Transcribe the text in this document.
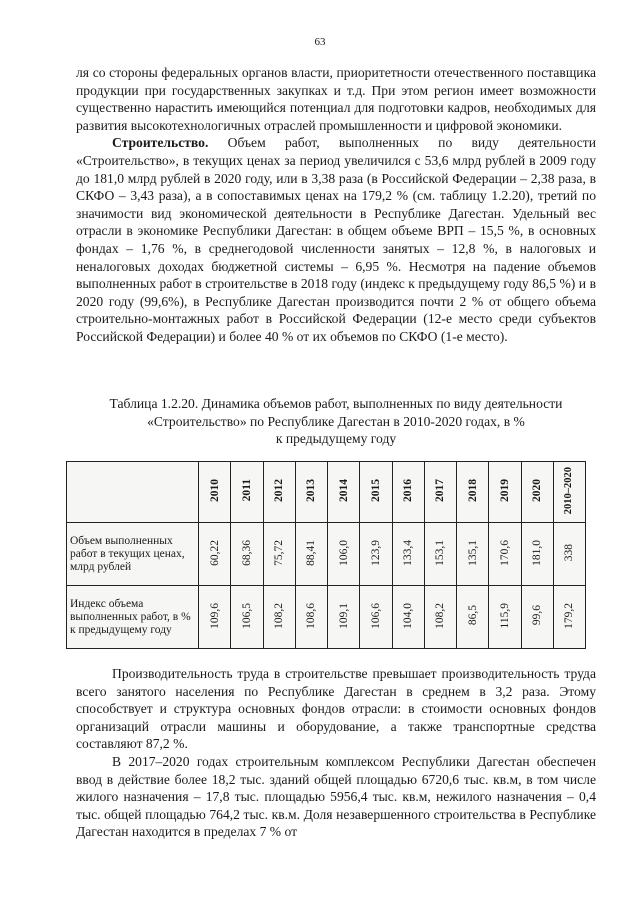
63

ля со стороны федеральных органов власти, приоритетности отечественного поставщика продукции при государственных закупках и т.д. При этом регион имеет возможности существенно нарастить имеющийся потенциал для подготовки кадров, необходимых для развития высокотехнологичных отраслей промышленности и цифровой экономики.

Строительство. Объем работ, выполненных по виду деятельности «Строительство», в текущих ценах за период увеличился с 53,6 млрд рублей в 2009 году до 181,0 млрд рублей в 2020 году, или в 3,38 раза (в Российской Федерации – 2,38 раза, в СКФО – 3,43 раза), а в сопоставимых ценах на 179,2 % (см. таблицу 1.2.20), третий по значимости вид экономической деятельности в Республике Дагестан. Удельный вес отрасли в экономике Республики Дагестан: в общем объеме ВРП – 15,5 %, в основных фондах – 1,76 %, в среднегодовой численности занятых – 12,8 %, в налоговых и неналоговых доходах бюджетной системы – 6,95 %. Несмотря на падение объемов выполненных работ в строительстве в 2018 году (индекс к предыдущему году 86,5 %) и в 2020 году (99,6%), в Республике Дагестан производится почти 2 % от общего объема строительно-монтажных работ в Российской Федерации (12-е место среди субъектов Российской Федерации) и более 40 % от их объемов по СКФО (1-е место).

Таблица 1.2.20. Динамика объемов работ, выполненных по виду деятельности
«Строительство» по Республике Дагестан в 2010-2020 годах, в %
к предыдущему году
	2010	2011	2012	2013	2014	2015	2016	2017	2018	2019	2020	2010–2020
Объем выполненных работ в текущих ценах, млрд рублей	60,22	68,36	75,72	88,41	106,0	123,9	133,4	153,1	135,1	170,6	181,0	338
Индекс объема выполненных работ, в % к предыдущему году	109,6	106,5	108,2	108,6	109,1	106,6	104,0	108,2	86,5	115,9	99,6	179,2

Производительность труда в строительстве превышает производительность труда всего занятого населения по Республике Дагестан в среднем в 3,2 раза. Этому способствует и структура основных фондов отрасли: в стоимости основных фондов организаций отрасли машины и оборудование, а также транспортные средства составляют 87,2 %.

В 2017–2020 годах строительным комплексом Республики Дагестан обеспечен ввод в действие более 18,2 тыс. зданий общей площадью 6720,6 тыс. кв.м, в том числе жилого назначения – 17,8 тыс. площадью 5956,4 тыс. кв.м, нежилого назначения – 0,4 тыс. общей площадью 764,2 тыс. кв.м. Доля незавершенного строительства в Республике Дагестан находится в пределах 7 % от
